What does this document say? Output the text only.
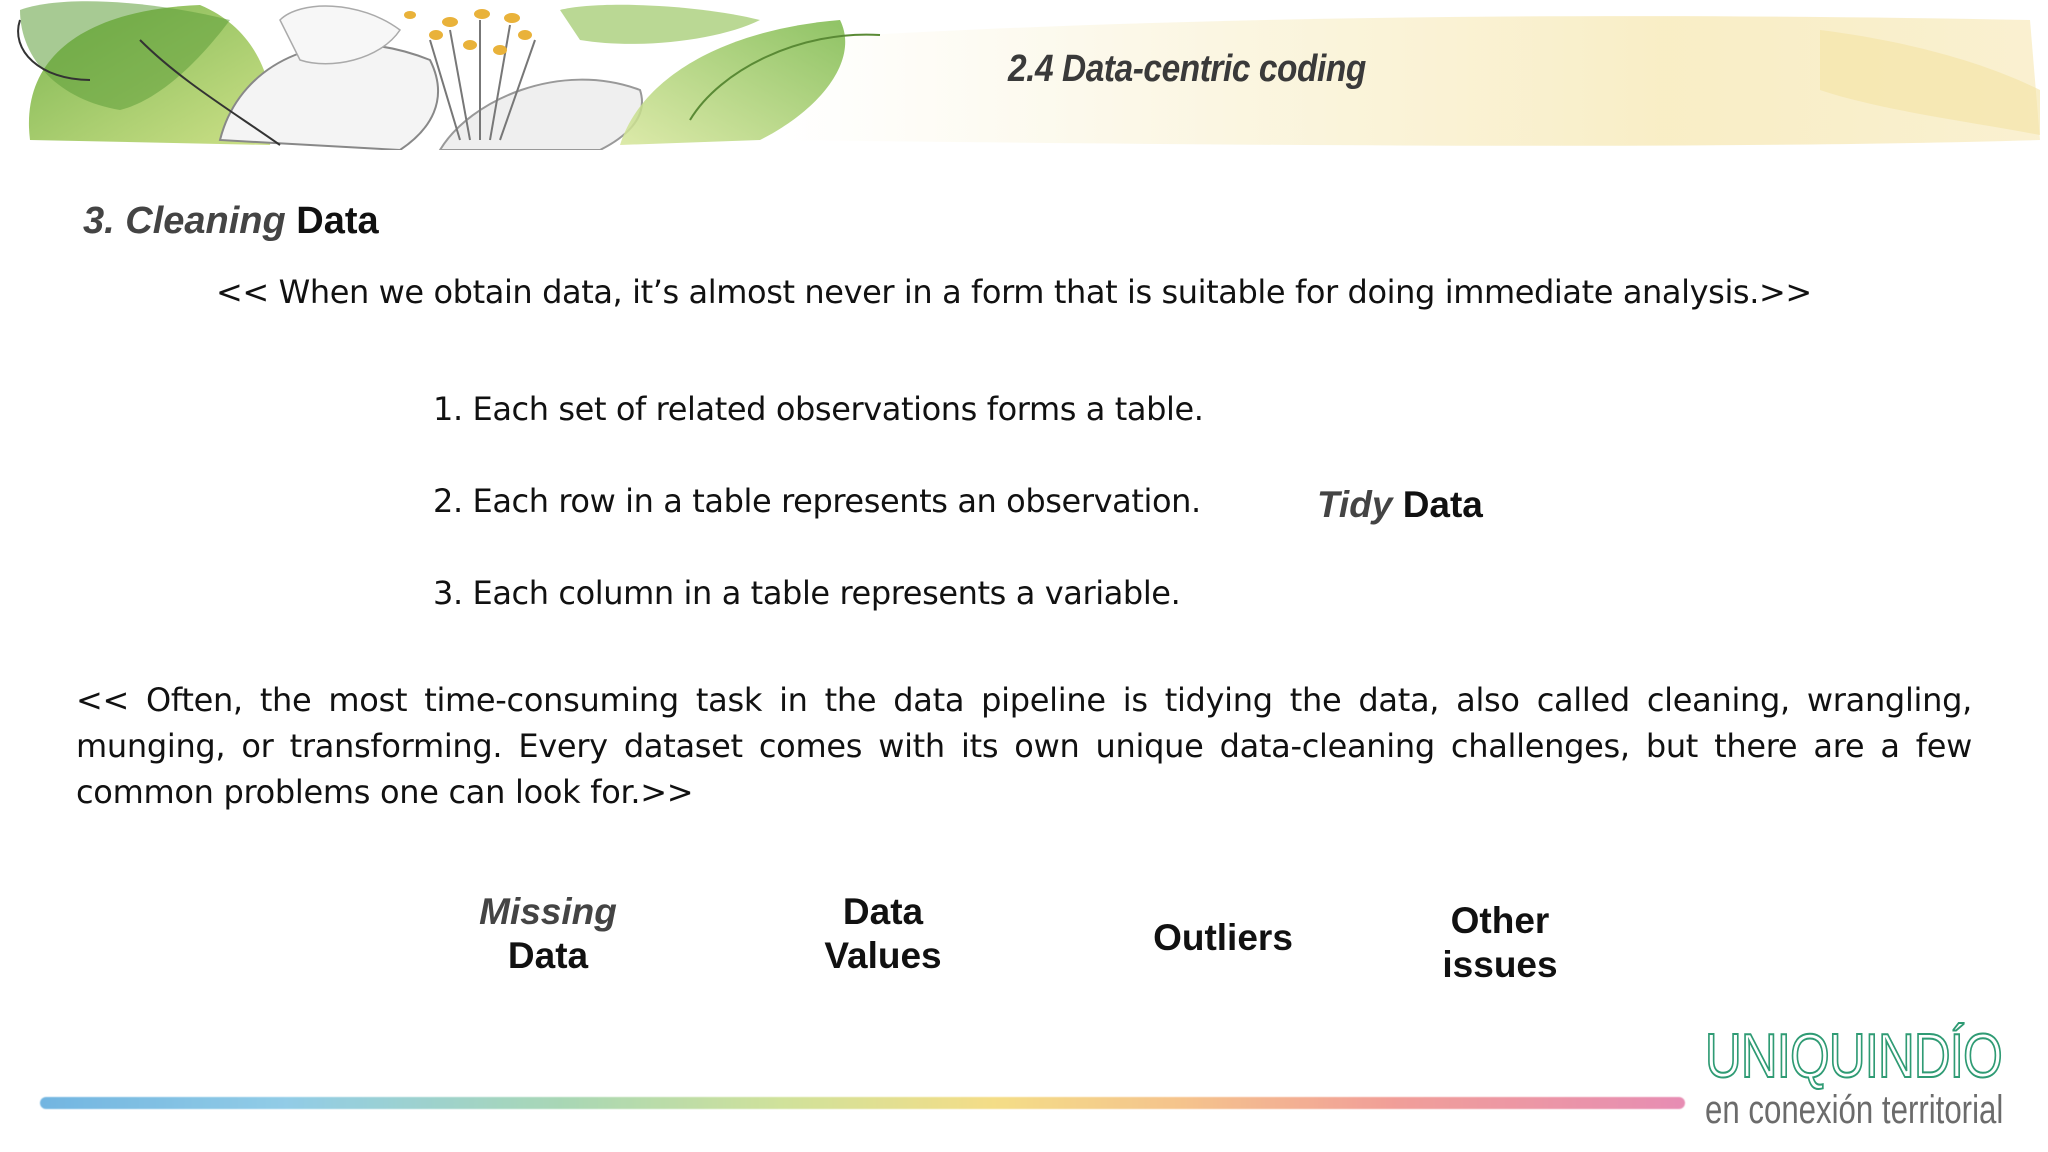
2.4 Data-centric coding
3. Cleaning Data
<< When we obtain data, it’s almost never in a form that is suitable for doing immediate analysis.>>
1. Each set of related observations forms a table.
2. Each row in a table represents an observation.
3. Each column in a table represents a variable.
Tidy Data
<< Often, the most time-consuming task in the data pipeline is tidying the data, also called cleaning, wrangling, munging, or transforming. Every dataset comes with its own unique data-cleaning challenges, but there are a few common problems one can look for.>>
Missing
Data
Data
Values	Outliers	Other
issues
UNIQUINDÍO
en conexión territorial
